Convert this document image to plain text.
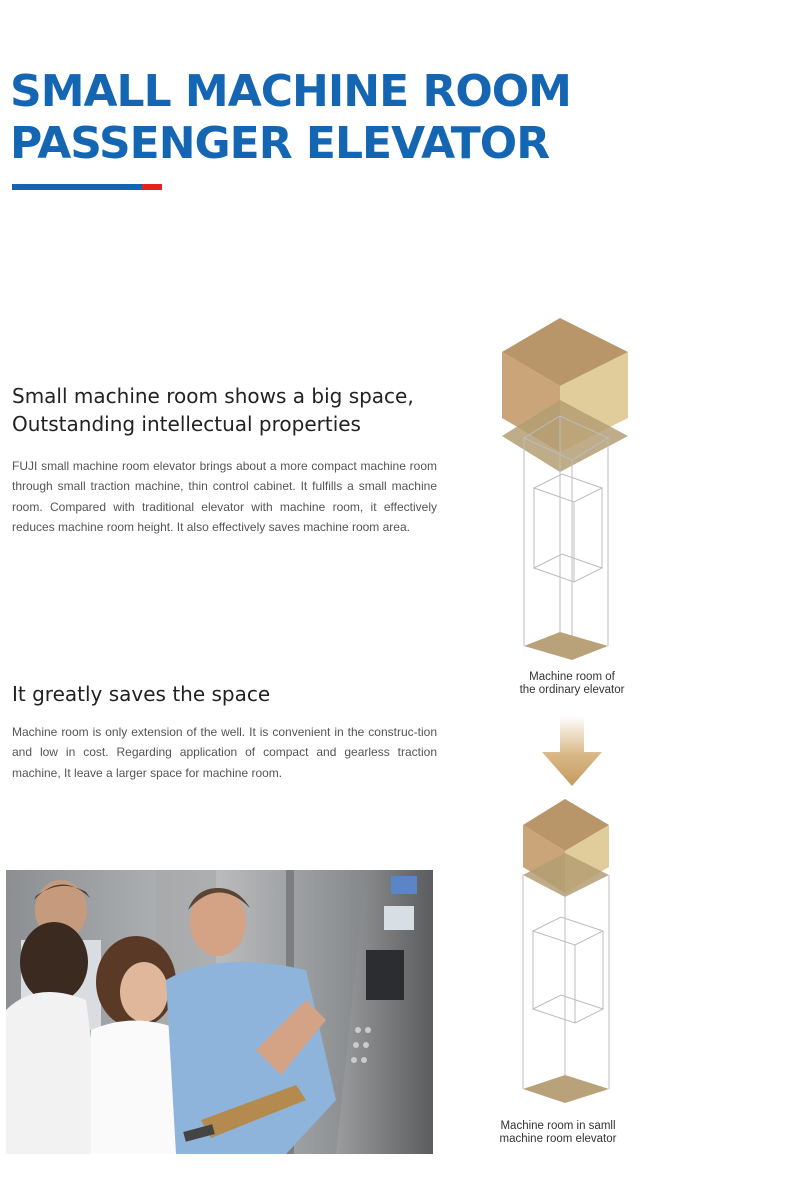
SMALL MACHINE ROOM
PASSENGER ELEVATOR
Small machine room shows a big space,
Outstanding intellectual properties

FUJI small machine room elevator brings about a more compact machine room through small traction machine, thin control cabinet. It fulfills a small machine room. Compared with traditional elevator with machine room, it effectively reduces machine room height. It also effectively saves machine room area.

It greatly saves the space

Machine room is only extension of the well. It is convenient in the construc-tion and low in cost. Regarding application of compact and gearless traction machine, It leave a larger space for machine room.

Machine room of
the ordinary elevator
Machine room in samll
machine room elevator
